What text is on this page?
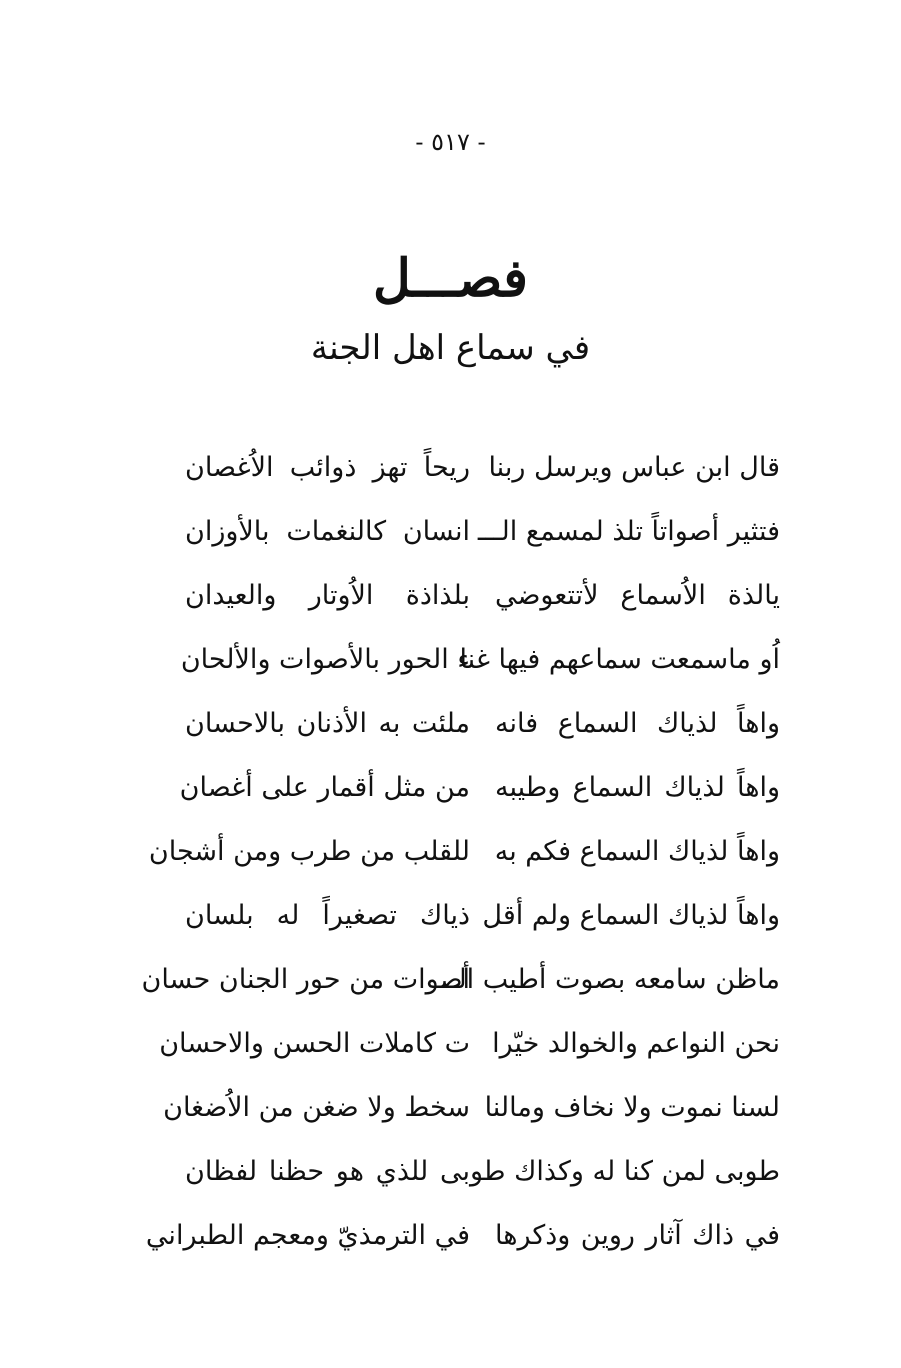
- ٥١٧ -
فصـــل
في سماع اهل الجنة
قال ابن عباس ويرسل ربنا
ريحاً تهز ذوائب الاُغصان
فتثير أصواتاً تلذ لمسمع الـــ
انسان كالنغمات بالأوزان
يالذة الاُسماع لأتتعوضي
بلذاذة الاُوتار والعيدان
اُو ماسمعت سماعهم فيها غنا
ء الحور بالأصوات والألحان
واهاً لذياك السماع فانه
ملئت به الأذنان بالاحسان
واهاً لذياك السماع وطيبه
من مثل أقمار على أغصان
واهاً لذياك السماع فكم به
للقلب من طرب ومن أشجان
واهاً لذياك السماع ولم أقل
ذياك تصغيراً له بلسان
ماظن سامعه بصوت أطيب الـــ
أصوات من حور الجنان حسان
نحن النواعم والخوالد خيّرا
ت كاملات الحسن والاحسان
لسنا نموت ولا نخاف ومالنا
سخط ولا ضغن من الاُضغان
طوبى لمن كنا له وكذاك طو
بى للذي هو حظنا لفظان
في ذاك آثار روين وذكرها
في الترمذيّ ومعجم الطبراني
